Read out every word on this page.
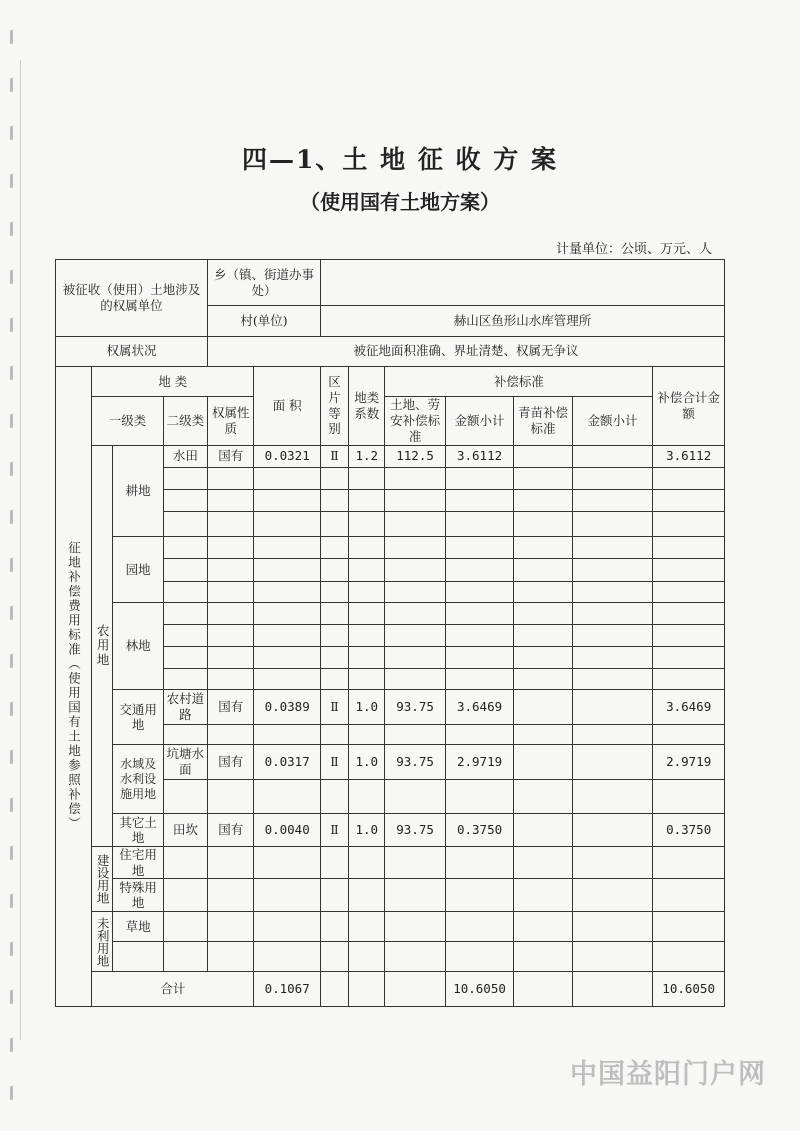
四—1、土 地 征 收 方 案
（使用国有土地方案）
计量单位：公顷、万元、人
被征收（使用）土地涉及的权属单位				乡（镇、街道办事处）								
				村(单位)		赫山区鱼形山水库管理所						
权属状况				被征地面积准确、界址清楚、权属无争议								
征地补偿费用标准（使用国有土地参照补偿）	地 类				面 积	区片等别	地类系数	补偿标准				补偿合计金额
	一级类		二级类	权属性质				土地、劳安补偿标准	金额小计	青苗补偿标准	金额小计	
	农用地	耕地	水田	国有	0.0321	Ⅱ	1.2	112.5	3.6112			3.6112

		园地										

		林地										

		交通用地	农村道路	国有	0.0389	Ⅱ	1.0	93.75	3.6469			3.6469

		水域及水利设施用地	坑塘水面	国有	0.0317	Ⅱ	1.0	93.75	2.9719			2.9719

		其它土地	田坎	国有	0.0040	Ⅱ	1.0	93.75	0.3750			0.3750
	建设用地	住宅用地										
		特殊用地										
	未利用地	草地										

	合计				0.1067				10.6050			10.6050
中国益阳门户网
